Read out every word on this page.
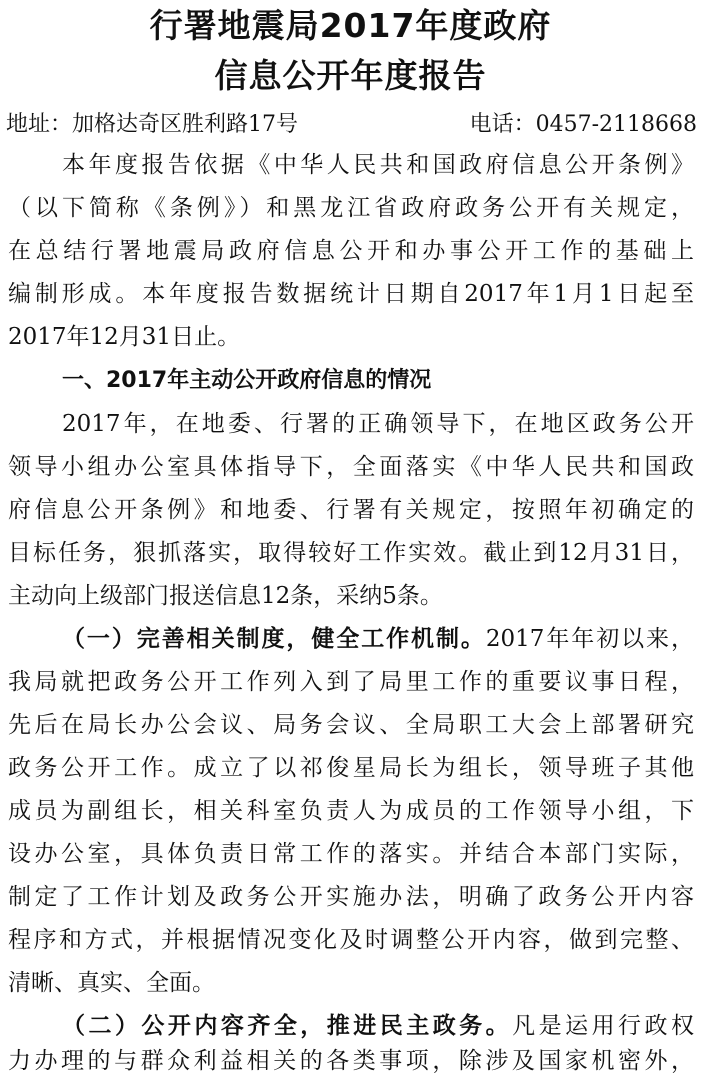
行署地震局2017年度政府
信息公开年度报告
地址：加格达奇区胜利路17号	电话：0457-2118668
本年度报告依据《中华人民共和国政府信息公开条例》
（以下简称《条例》）和黑龙江省政府政务公开有关规定，
在总结行署地震局政府信息公开和办事公开工作的基础上
编制形成。本年度报告数据统计日期自2017年1月1日起至
2017年12月31日止。
一、2017年主动公开政府信息的情况
2017年，在地委、行署的正确领导下，在地区政务公开
领导小组办公室具体指导下，全面落实《中华人民共和国政
府信息公开条例》和地委、行署有关规定，按照年初确定的
目标任务，狠抓落实，取得较好工作实效。截止到12月31日，
主动向上级部门报送信息12条，采纳5条。
（一）完善相关制度，健全工作机制。2017年年初以来，
我局就把政务公开工作列入到了局里工作的重要议事日程，
先后在局长办公会议、局务会议、全局职工大会上部署研究
政务公开工作。成立了以祁俊星局长为组长，领导班子其他
成员为副组长，相关科室负责人为成员的工作领导小组，下
设办公室，具体负责日常工作的落实。并结合本部门实际，
制定了工作计划及政务公开实施办法，明确了政务公开内容
程序和方式，并根据情况变化及时调整公开内容，做到完整、
清晰、真实、全面。
（二）公开内容齐全，推进民主政务。凡是运用行政权
力办理的与群众利益相关的各类事项，除涉及国家机密外，
